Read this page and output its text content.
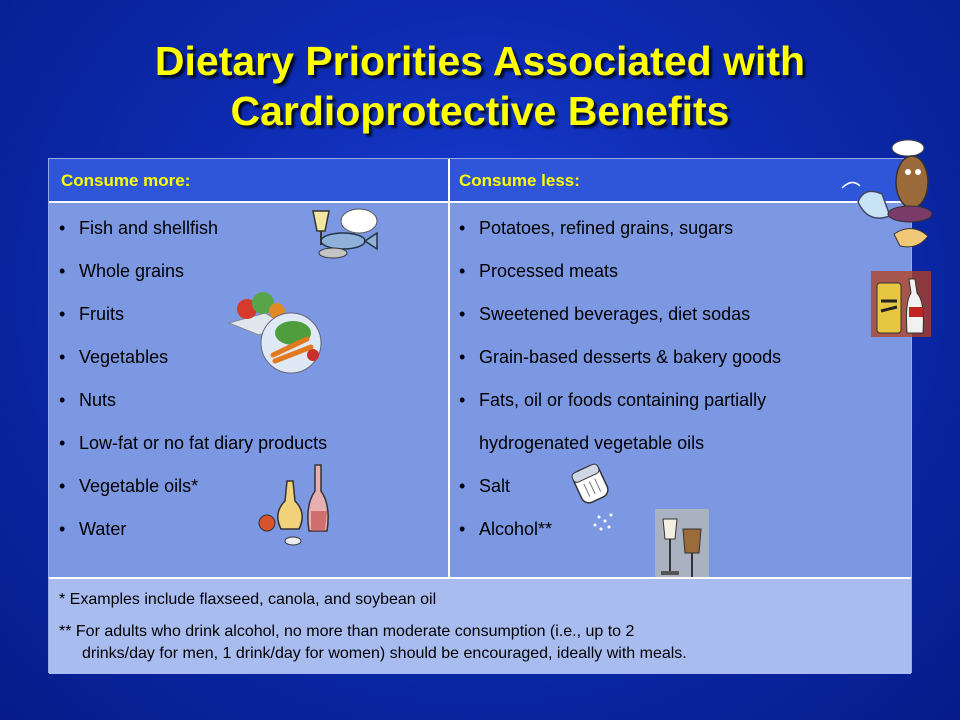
Dietary Priorities Associated with
Cardioprotective Benefits
Consume more:	Consume less:
• Fish and shellfish
• Whole grains
• Fruits
• Vegetables
• Nuts
• Low-fat or no fat diary products
• Vegetable oils*
• Water
• Potatoes, refined grains, sugars
• Processed meats
• Sweetened beverages, diet sodas
• Grain-based desserts & bakery goods
• Fats, oil or foods containing partially
hydrogenated vegetable oils
• Salt
• Alcohol**

* Examples include flaxseed, canola, and soybean oil

** For adults who drink alcohol, no more than moderate consumption (i.e., up to 2

drinks/day for men, 1 drink/day for women) should be encouraged, ideally with meals.
